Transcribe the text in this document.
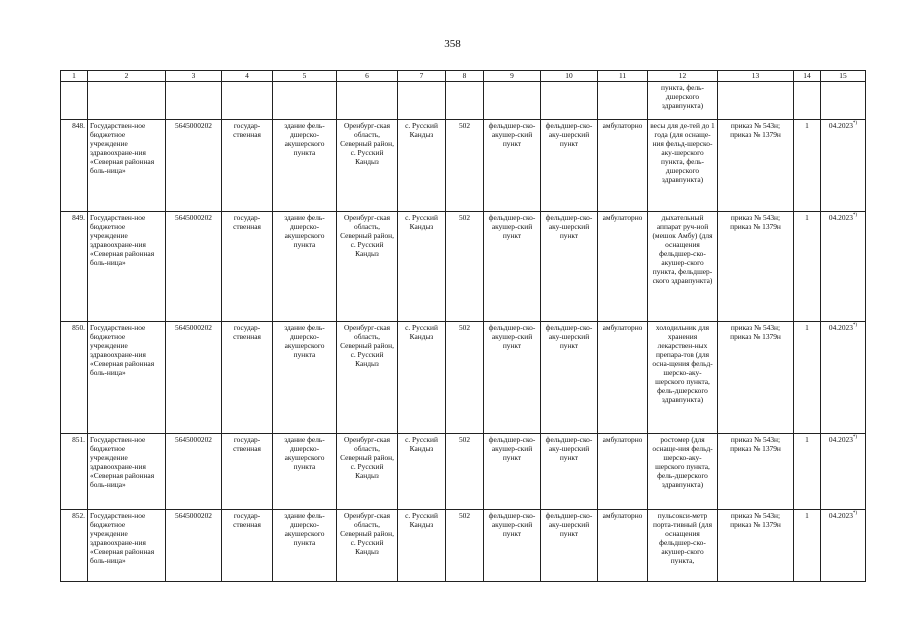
358
1	2	3	4	5	6	7	8	9	10	11	12	13	14	15
											пункта, фель-дшерского здравпункта)			
848.	Государствен-ное бюджетное учреждение здравоохране-ния «Северная районная боль-ница»	5645000202	государ-ственная	здание фель-дшерско-акушерского пункта	Оренбург-ская область, Северный район, с. Русский Кандыз	с. Русский Кандыз	502	фельдшер-ско-акушер-ский пункт	фельдшер-ско-аку-шерский пункт	амбулаторно	весы для де-тей до 1 года (для оснаще-ния фельд-шерско-аку-шерского пункта, фель-дшерского здравпункта)	приказ № 543н; приказ № 1379н	1	04.2023*)
849.	Государствен-ное бюджетное учреждение здравоохране-ния «Северная районная боль-ница»	5645000202	государ-ственная	здание фель-дшерско-акушерского пункта	Оренбург-ская область, Северный район, с. Русский Кандыз	с. Русский Кандыз	502	фельдшер-ско-акушер-ский пункт	фельдшер-ско-аку-шерский пункт	амбулаторно	дыхательный аппарат руч-ной (мешок Амбу) (для оснащения фельдшер-ско-акушер-ского пункта, фельдшер-ского здравпункта)	приказ № 543н; приказ № 1379н	1	04.2023*)
850.	Государствен-ное бюджетное учреждение здравоохране-ния «Северная районная боль-ница»	5645000202	государ-ственная	здание фель-дшерско-акушерского пункта	Оренбург-ская область, Северный район, с. Русский Кандыз	с. Русский Кандыз	502	фельдшер-ско-акушер-ский пункт	фельдшер-ско-аку-шерский пункт	амбулаторно	холодильник для хранения лекарствен-ных препара-тов (для осна-щения фельд-шерско-аку-шерского пункта, фель-дшерского здравпункта)	приказ № 543н; приказ № 1379н	1	04.2023*)
851.	Государствен-ное бюджетное учреждение здравоохране-ния «Северная районная боль-ница»	5645000202	государ-ственная	здание фель-дшерско-акушерского пункта	Оренбург-ская область, Северный район, с. Русский Кандыз	с. Русский Кандыз	502	фельдшер-ско-акушер-ский пункт	фельдшер-ско-аку-шерский пункт	амбулаторно	ростомер (для оснаще-ния фельд-шерско-аку-шерского пункта, фель-дшерского здравпункта)	приказ № 543н; приказ № 1379н	1	04.2023*)
852.	Государствен-ное бюджетное учреждение здравоохране-ния «Северная районная боль-ница»	5645000202	государ-ственная	здание фель-дшерско-акушерского пункта	Оренбург-ская область, Северный район, с. Русский Кандыз	с. Русский Кандыз	502	фельдшер-ско-акушер-ский пункт	фельдшер-ско-аку-шерский пункт	амбулаторно	пульсокси-метр порта-тивный (для оснащения фельдшер-ско-акушер-ского пункта,	приказ № 543н; приказ № 1379н	1	04.2023*)
